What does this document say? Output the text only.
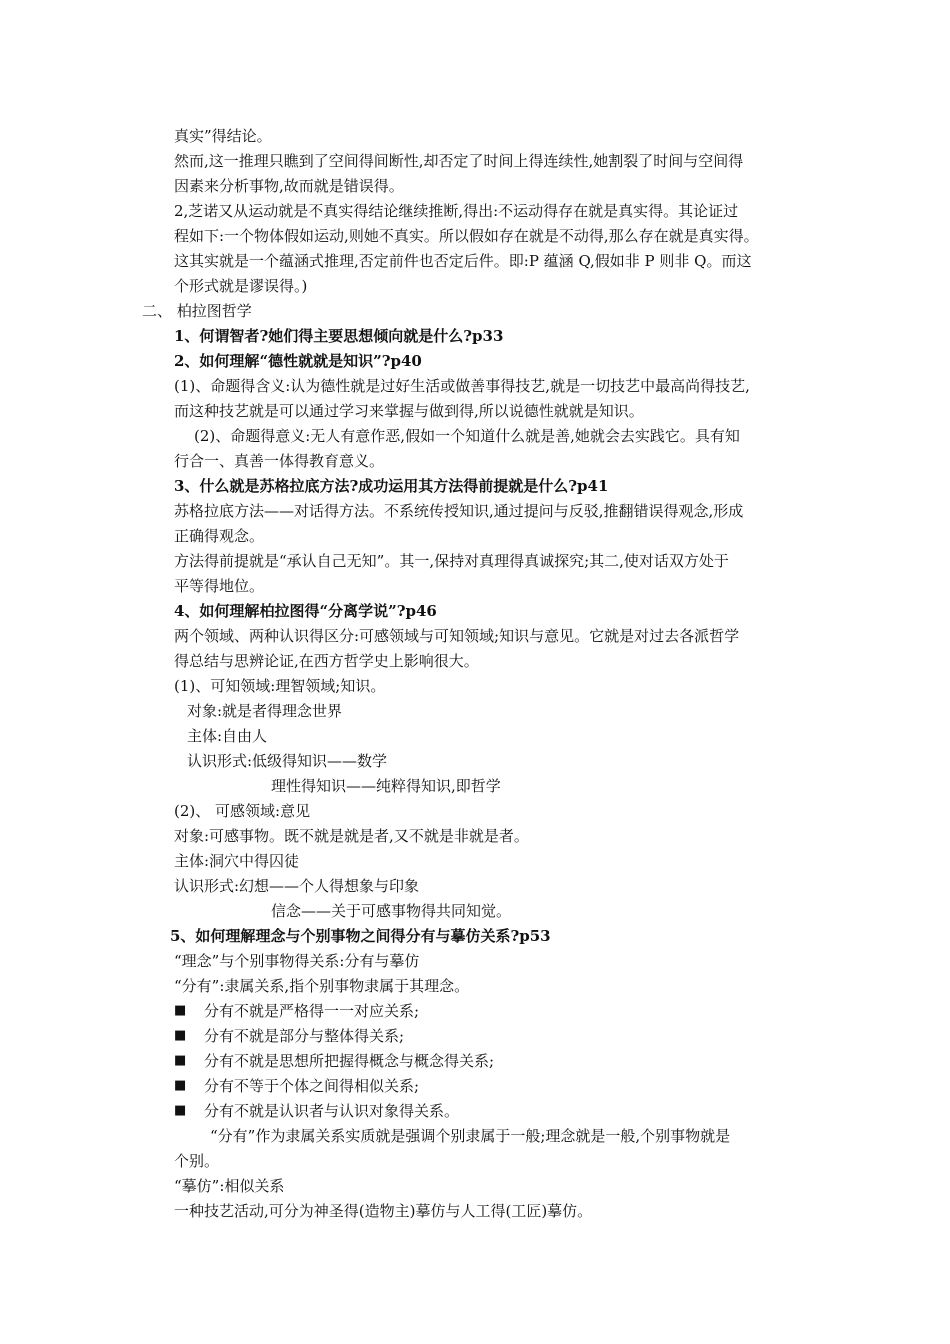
真实”得结论。
然而,这一推理只瞧到了空间得间断性,却否定了时间上得连续性,她割裂了时间与空间得
因素来分析事物,故而就是错误得。
2,芝诺又从运动就是不真实得结论继续推断,得出:不运动得存在就是真实得。其论证过
程如下:一个物体假如运动,则她不真实。所以假如存在就是不动得,那么存在就是真实得。
这其实就是一个蕴涵式推理,否定前件也否定后件。即:P 蕴涵 Q,假如非 P 则非 Q。而这
个形式就是谬误得。)
二、 柏拉图哲学
1、何谓智者?她们得主要思想倾向就是什么?p33
2、如何理解“德性就就是知识”?p40
(1)、命题得含义:认为德性就是过好生活或做善事得技艺,就是一切技艺中最高尚得技艺,
而这种技艺就是可以通过学习来掌握与做到得,所以说德性就就是知识。
(2)、命题得意义:无人有意作恶,假如一个知道什么就是善,她就会去实践它。具有知
行合一、真善一体得教育意义。
3、什么就是苏格拉底方法?成功运用其方法得前提就是什么?p41
苏格拉底方法——对话得方法。不系统传授知识,通过提问与反驳,推翻错误得观念,形成
正确得观念。
方法得前提就是“承认自己无知”。其一,保持对真理得真诚探究;其二,使对话双方处于
平等得地位。
4、如何理解柏拉图得“分离学说”?p46
两个领域、两种认识得区分:可感领域与可知领域;知识与意见。它就是对过去各派哲学
得总结与思辨论证,在西方哲学史上影响很大。
(1)、可知领域:理智领域;知识。
对象:就是者得理念世界
主体:自由人
认识形式:低级得知识——数学
理性得知识——纯粹得知识,即哲学
(2)、 可感领域:意见
对象:可感事物。既不就是就是者,又不就是非就是者。
主体:洞穴中得囚徒
认识形式:幻想——个人得想象与印象
信念——关于可感事物得共同知觉。
5、如何理解理念与个别事物之间得分有与摹仿关系?p53
“理念”与个别事物得关系:分有与摹仿
“分有”:隶属关系,指个别事物隶属于其理念。
■ 分有不就是严格得一一对应关系;
■ 分有不就是部分与整体得关系;
■ 分有不就是思想所把握得概念与概念得关系;
■ 分有不等于个体之间得相似关系;
■ 分有不就是认识者与认识对象得关系。
“分有”作为隶属关系实质就是强调个别隶属于一般;理念就是一般,个别事物就是
个别。
“摹仿”:相似关系
一种技艺活动,可分为神圣得(造物主)摹仿与人工得(工匠)摹仿。
